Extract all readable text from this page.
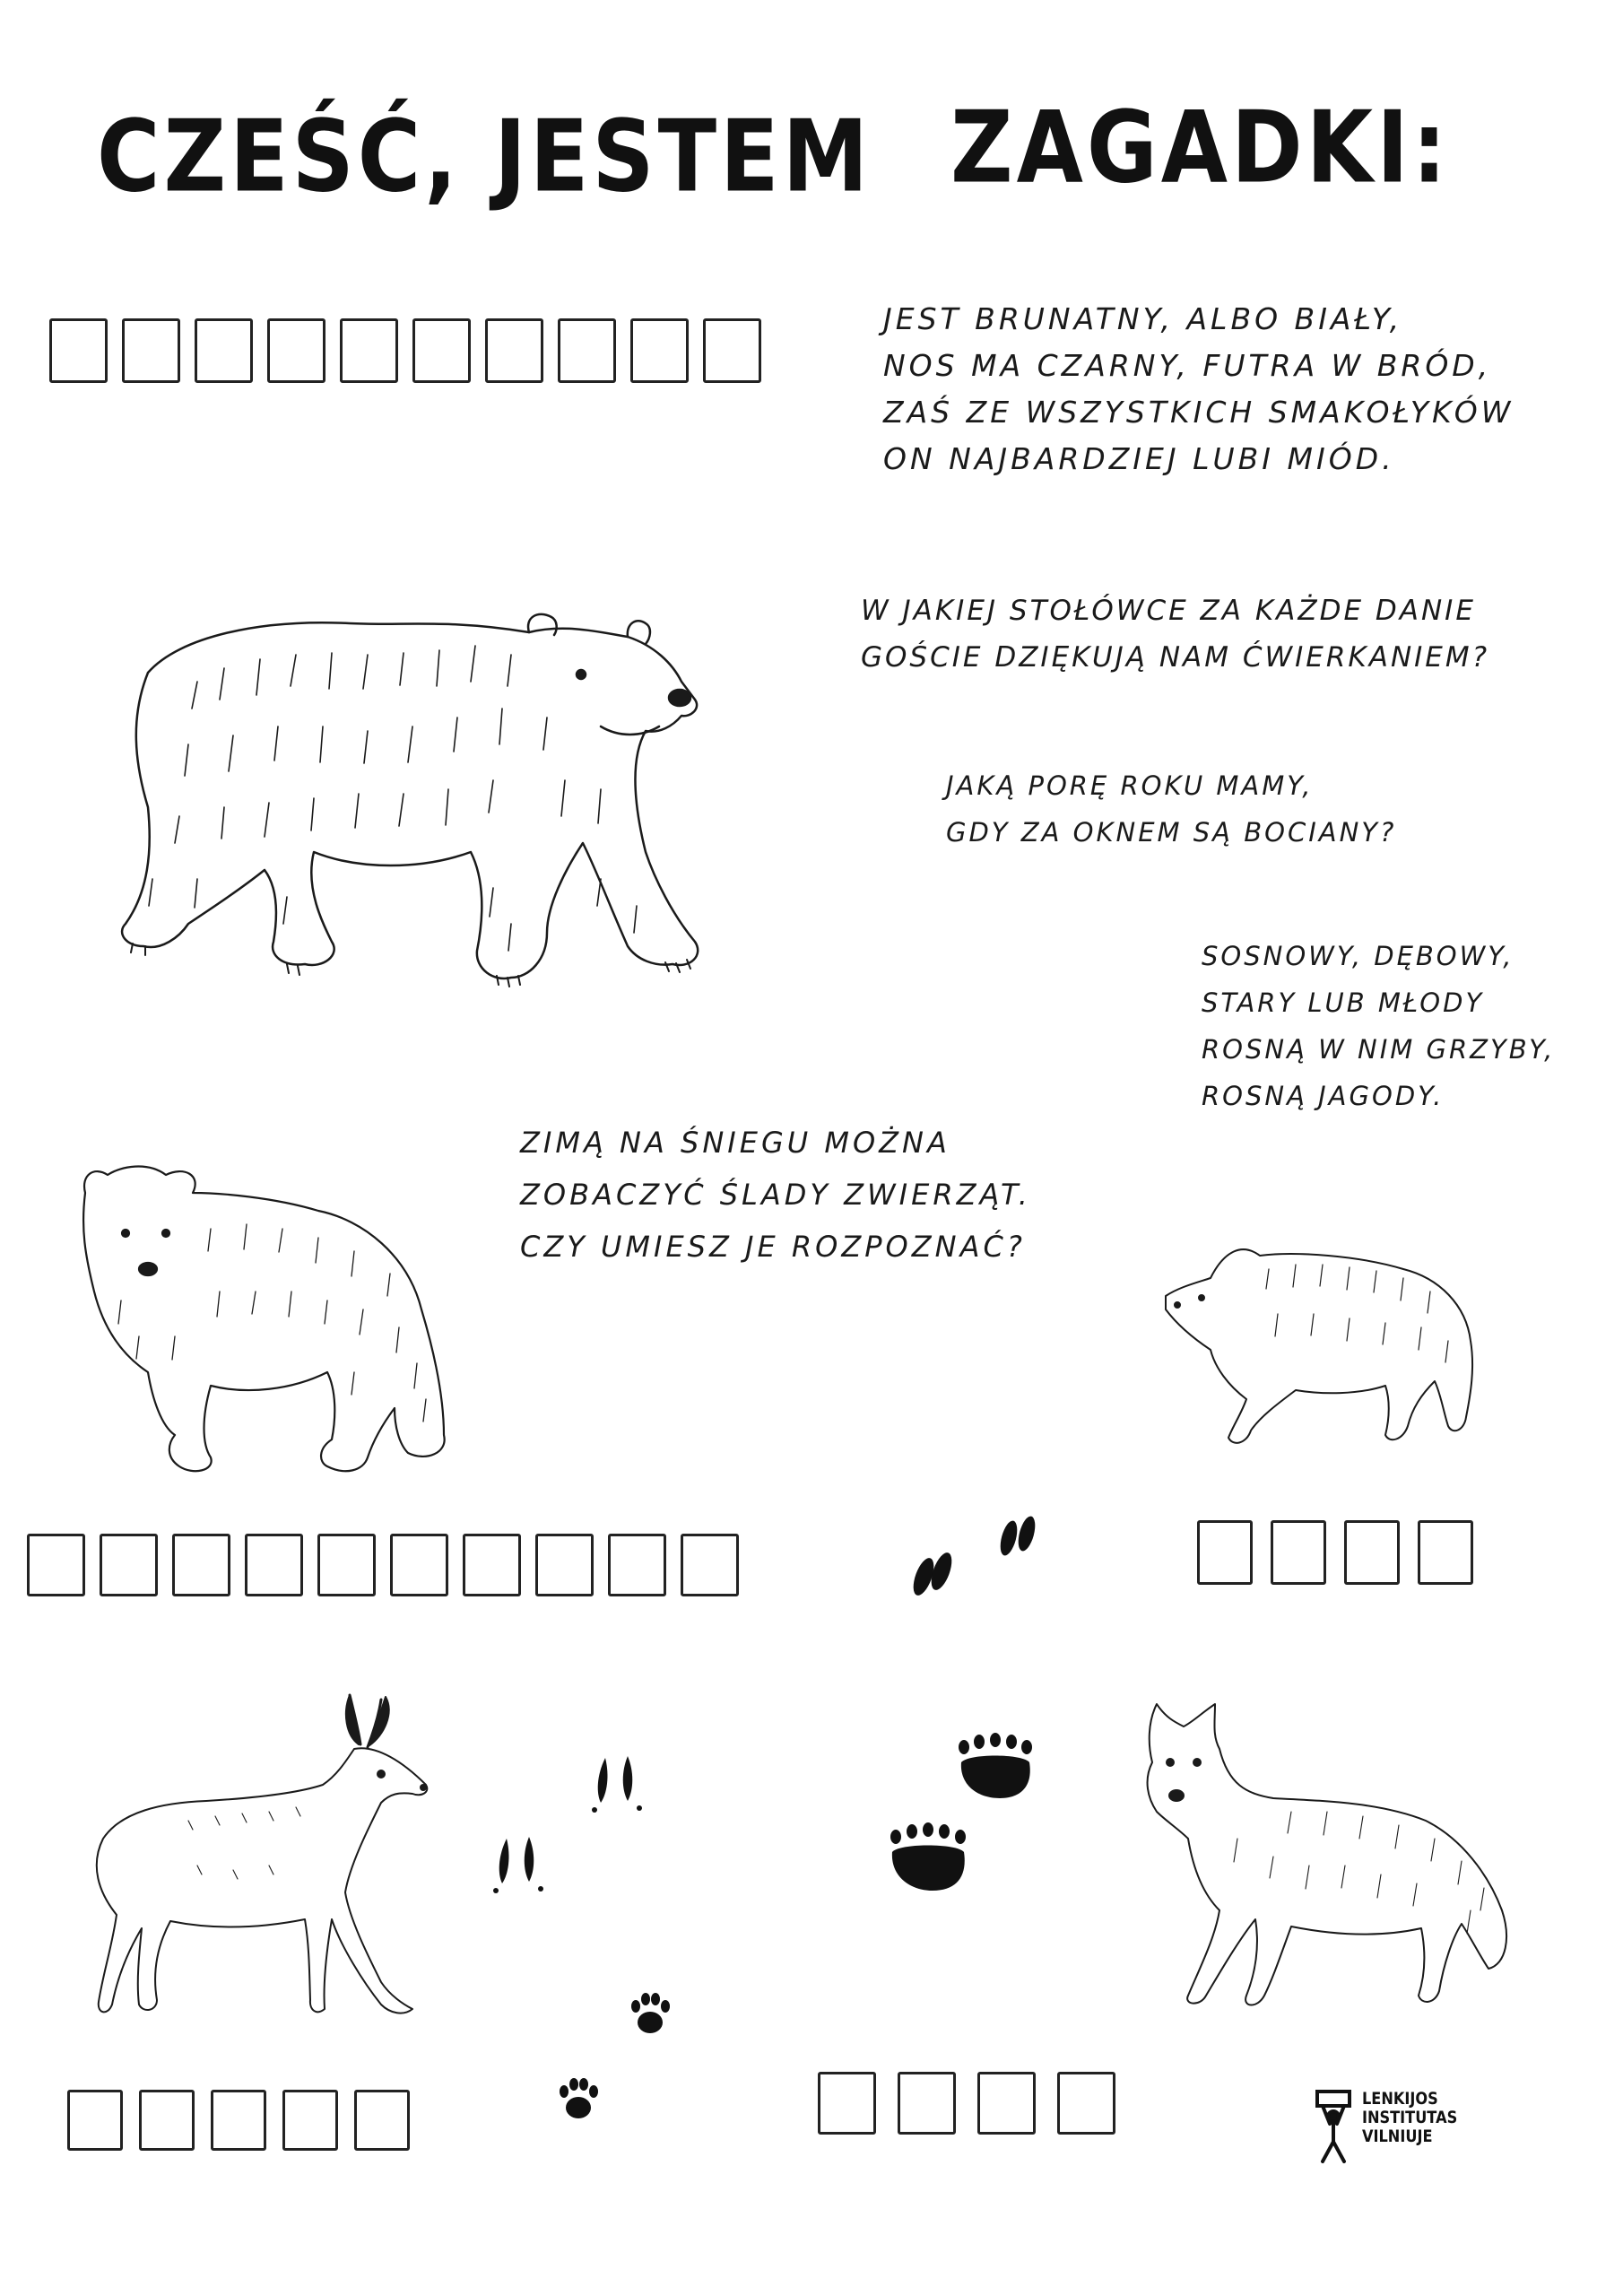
CZEŚĆ, JESTEM ZAGADKI:
JEST BRUNATNY, ALBO BIAŁY,
NOS MA CZARNY, FUTRA W BRÓD,
ZAŚ ZE WSZYSTKICH SMAKOŁYKÓW
ON NAJBARDZIEJ LUBI MIÓD.
W JAKIEJ STOŁÓWCE ZA KAŻDE DANIE
GOŚCIE DZIĘKUJĄ NAM ĆWIERKANIEM?
JAKĄ PORĘ ROKU MAMY,
GDY ZA OKNEM SĄ BOCIANY?
SOSNOWY, DĘBOWY,
STARY LUB MŁODY
ROSNĄ W NIM GRZYBY,
ROSNĄ JAGODY.
ZIMĄ NA ŚNIEGU MOŻNA
ZOBACZYĆ ŚLADY ZWIERZĄT.
CZY UMIESZ JE ROZPOZNAĆ?
LENKIJOS
INSTITUTAS
VILNIUJE
